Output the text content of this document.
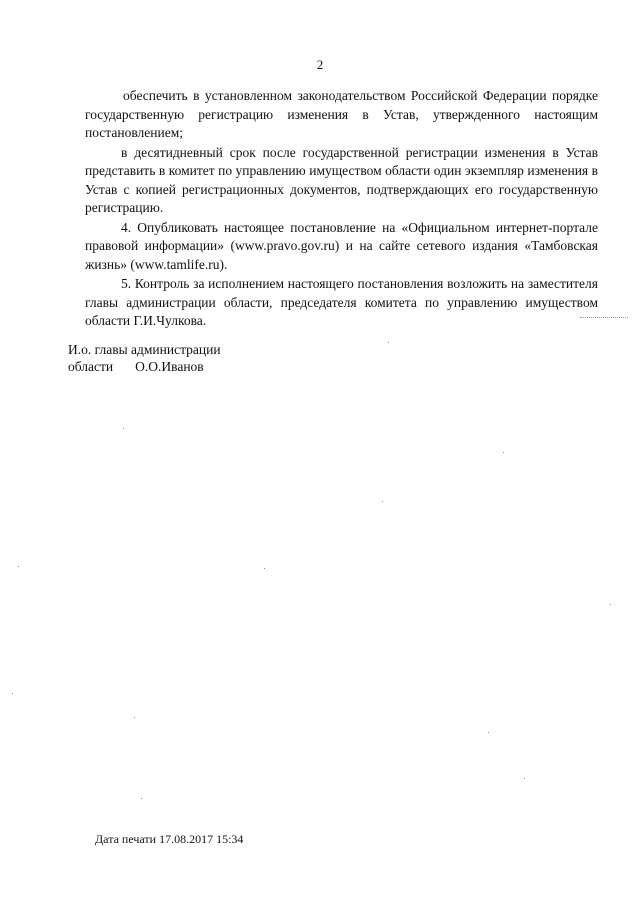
2

обеспечить в установленном законодательством Российской Федерации порядке государственную регистрацию изменения в Устав, утвержденного настоящим постановлением;

в десятидневный срок после государственной регистрации изменения в Устав представить в комитет по управлению имуществом области один экземпляр изменения в Устав с копией регистрационных документов, подтверждающих его государственную регистрацию.

4. Опубликовать настоящее постановление на «Официальном интернет-портале правовой информации» (www.pravo.gov.ru) и на сайте сетевого издания «Тамбовская жизнь» (www.tamlife.ru).

5. Контроль за исполнением настоящего постановления возложить на заместителя главы администрации области, председателя комитета по управлению имуществом области Г.И.Чулкова.

И.о. главы администрации
области О.О.Иванов
Дата печати 17.08.2017 15:34
